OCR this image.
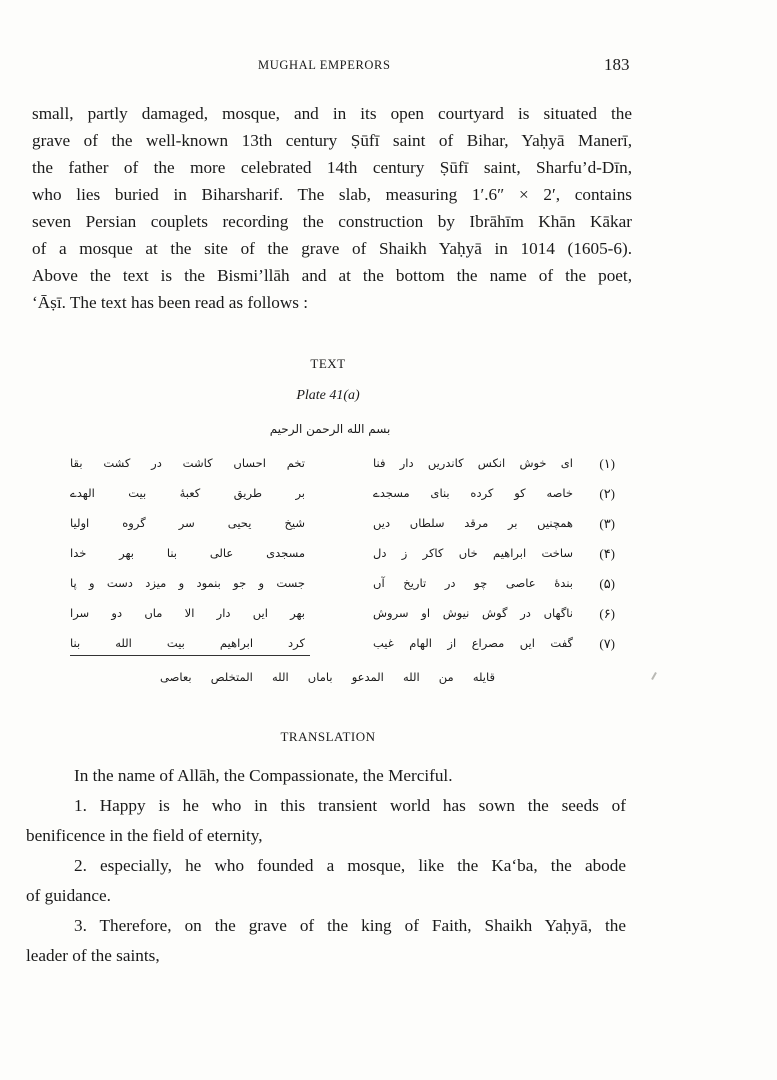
MUGHAL EMPERORS	183
small, partly damaged, mosque, and in its open courtyard is situated the
grave of the well-known 13th century Ṣūfī saint of Bihar, Yaḥyā Manerī,
the father of the more celebrated 14th century Ṣūfī saint, Sharfu’d-Dīn,
who lies buried in Biharsharif. The slab, measuring 1′.6″ × 2′, contains
seven Persian couplets recording the construction by Ibrāhīm Khān Kākar
of a mosque at the site of the grave of Shaikh Yaḥyā in 1014 (1605-6).
Above the text is the Bismi’llāh and at the bottom the name of the poet,
‘Āṣī. The text has been read as follows :
TEXT
Plate 41(a)
بسم الله الرحمن الرحیم
(۱)
ای خوش انکس کاندریں دار فنا
تخم احساں کاشت در کشت بقا
(۲)
خاصه کو کرده بنای مسجدے
بر طریق کعبهٔ بیت الهدے
(۳)
همچنیں بر مرقد سلطاں دیں
شیخ یحیی سر گروه اولیا
(۴)
ساخت ابراهیم خاں کاکر ز دل
مسجدی عالی بنا بهر خدا
(۵)
بندهٔ عاصی چو در تاریخ آں
جست و جو بنمود و میزد دست و پا
(۶)
ناگهاں در گوش نیوش او سروش
بهر ایں دار الا ماں دو سرا
(۷)
گفت ایں مصراع از الهام غیب
کرد ابراهیم بیت الله بنا
قایله من الله المدعو باماں الله المتخلص بعاصی
TRANSLATION
In the name of Allāh, the Compassionate, the Merciful.
1. Happy is he who in this transient world has sown the seeds of
benificence in the field of eternity,
2. especially, he who founded a mosque, like the Ka‘ba, the abode
of guidance.
3. Therefore, on the grave of the king of Faith, Shaikh Yaḥyā, the
leader of the saints,
